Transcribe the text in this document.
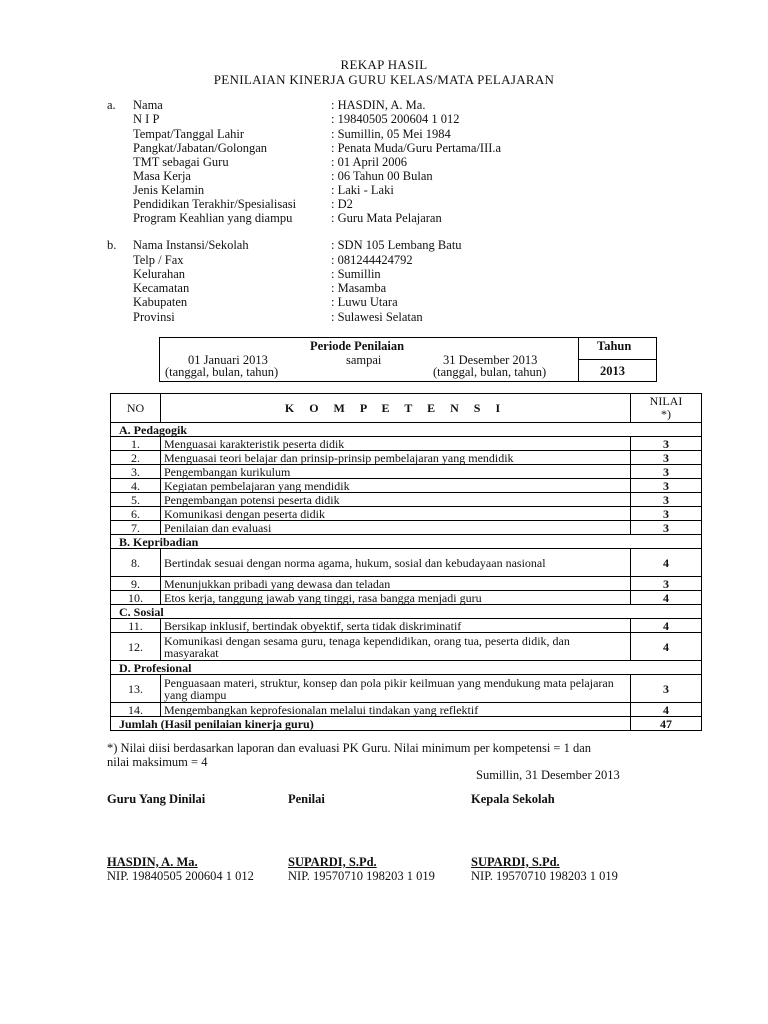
REKAP HASIL
PENILAIAN KINERJA GURU KELAS/MATA PELAJARAN
a. Nama	: HASDIN, A. Ma.
N I P	: 19840505 200604 1 012
Tempat/Tanggal Lahir	: Sumillin, 05 Mei 1984
Pangkat/Jabatan/Golongan	: Penata Muda/Guru Pertama/III.a
TMT sebagai Guru	: 01 April 2006
Masa Kerja	: 06 Tahun 00 Bulan
Jenis Kelamin	: Laki - Laki
Pendidikan Terakhir/Spesialisasi	: D2
Program Keahlian yang diampu	: Guru Mata Pelajaran
b. Nama Instansi/Sekolah	: SDN 105 Lembang Batu
Telp / Fax	: 081244424792
Kelurahan	: Sumillin
Kecamatan	: Masamba
Kabupaten	: Luwu Utara
Provinsi	: Sulawesi Selatan
Periode Penilaian
01 Januari 2013	sampai	31 Desember 2013
(tanggal, bulan, tahun)	(tanggal, bulan, tahun)
Tahun
2013
NO	K O M P E T E N S I	NILAI
*)
A. Pedagogik		
1.	Menguasai karakteristik peserta didik	3
2.	Menguasai teori belajar dan prinsip-prinsip pembelajaran yang mendidik	3
3.	Pengembangan kurikulum	3
4.	Kegiatan pembelajaran yang mendidik	3
5.	Pengembangan potensi peserta didik	3
6.	Komunikasi dengan peserta didik	3
7.	Penilaian dan evaluasi	3
B. Kepribadian		
8.	Bertindak sesuai dengan norma agama, hukum, sosial dan kebudayaan nasional	4
9.	Menunjukkan pribadi yang dewasa dan teladan	3
10.	Etos kerja, tanggung jawab yang tinggi, rasa bangga menjadi guru	4
C. Sosial		
11.	Bersikap inklusif, bertindak obyektif, serta tidak diskriminatif	4
12.	Komunikasi dengan sesama guru, tenaga kependidikan, orang tua, peserta didik, dan masyarakat	4
D. Profesional		
13.	Penguasaan materi, struktur, konsep dan pola pikir keilmuan yang mendukung mata pelajaran yang diampu	3
14.	Mengembangkan keprofesionalan melalui tindakan yang reflektif	4
Jumlah (Hasil penilaian kinerja guru)		47
*) Nilai diisi berdasarkan laporan dan evaluasi PK Guru. Nilai minimum per kompetensi = 1 dan
nilai maksimum = 4
Sumillin, 31 Desember 2013
Guru Yang Dinilai	Penilai	Kepala Sekolah
HASDIN, A. Ma.	SUPARDI, S.Pd.	SUPARDI, S.Pd.
NIP. 19840505 200604 1 012	NIP. 19570710 198203 1 019	NIP. 19570710 198203 1 019
